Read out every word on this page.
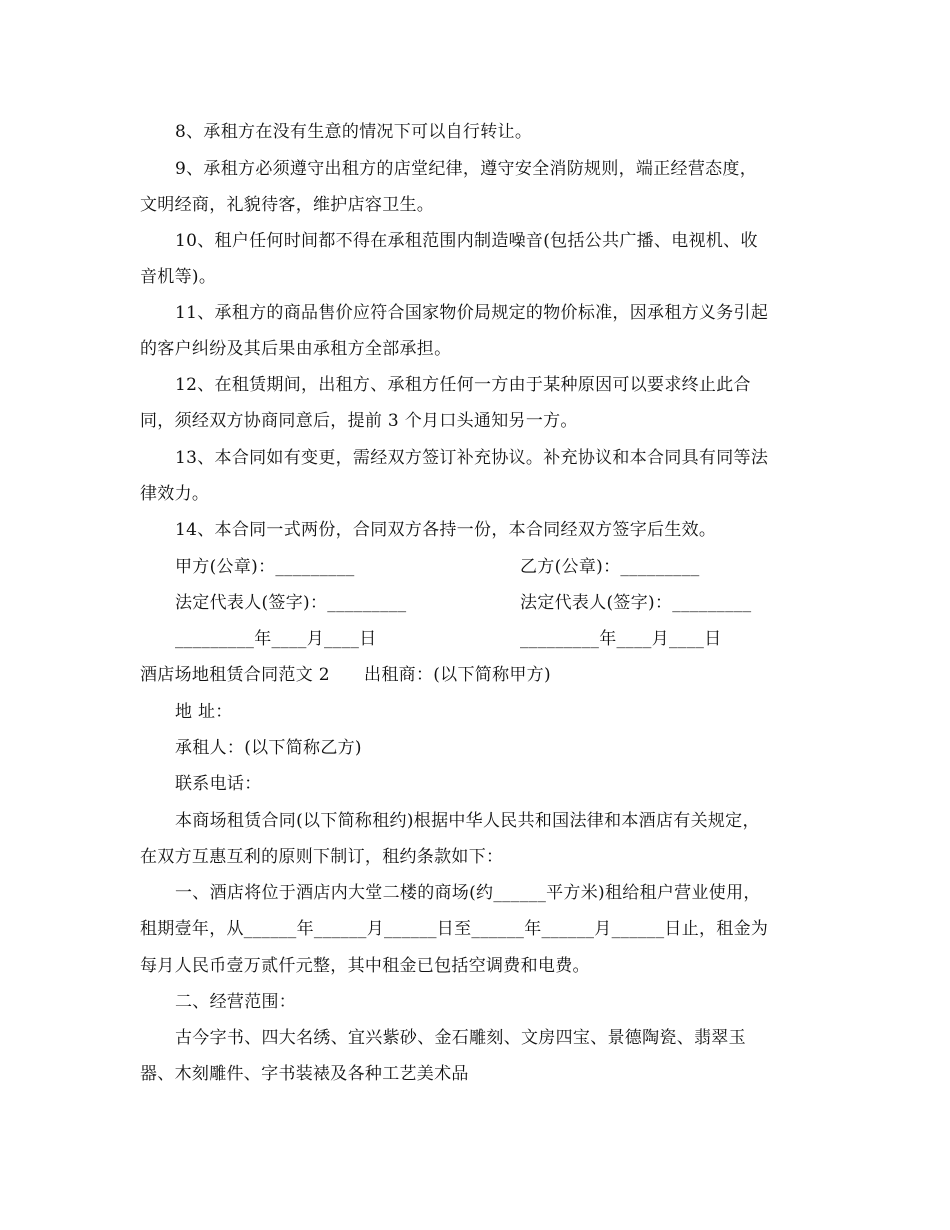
8、承租方在没有生意的情况下可以自行转让。
9、承租方必须遵守出租方的店堂纪律，遵守安全消防规则，端正经营态度，
文明经商，礼貌待客，维护店容卫生。
10、租户任何时间都不得在承租范围内制造噪音(包括公共广播、电视机、收
音机等)。
11、承租方的商品售价应符合国家物价局规定的物价标准，因承租方义务引起
的客户纠纷及其后果由承租方全部承担。
12、在租赁期间，出租方、承租方任何一方由于某种原因可以要求终止此合
同，须经双方协商同意后，提前 3 个月口头通知另一方。
13、本合同如有变更，需经双方签订补充协议。补充协议和本合同具有同等法
律效力。
14、本合同一式两份，合同双方各持一份，本合同经双方签字后生效。
甲方(公章)：_________	乙方(公章)：_________
法定代表人(签字)：_________	法定代表人(签字)：_________
_________年____月____日	_________年____月____日
酒店场地租赁合同范文 2      出租商：(以下简称甲方)
地 址：
承租人：(以下简称乙方)
联系电话：
本商场租赁合同(以下简称租约)根据中华人民共和国法律和本酒店有关规定，
在双方互惠互利的原则下制订，租约条款如下：
一、酒店将位于酒店内大堂二楼的商场(约______平方米)租给租户营业使用，
租期壹年，从______年______月______日至______年______月______日止，租金为
每月人民币壹万贰仟元整，其中租金已包括空调费和电费。
二、经营范围：
古今字书、四大名绣、宜兴紫砂、金石雕刻、文房四宝、景德陶瓷、翡翠玉
器、木刻雕件、字书装裱及各种工艺美术品
